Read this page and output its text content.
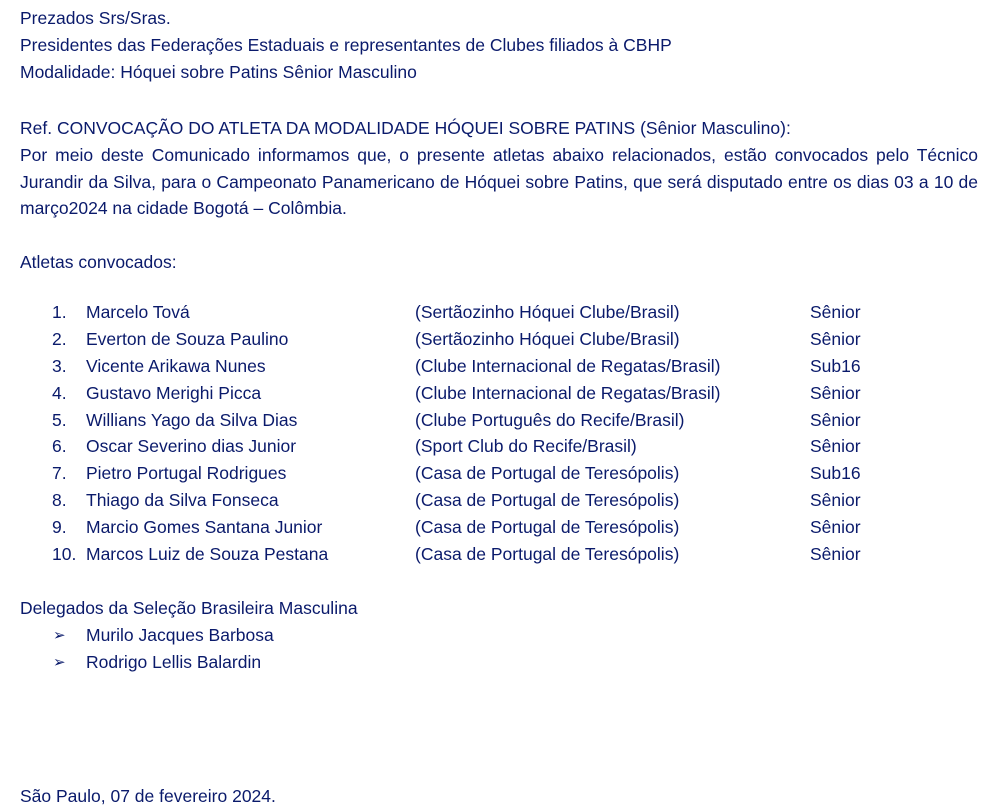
Prezados Srs/Sras.
Presidentes das Federações Estaduais e representantes de Clubes filiados à CBHP
Modalidade: Hóquei sobre Patins Sênior Masculino
Ref. CONVOCAÇÃO DO ATLETA DA MODALIDADE HÓQUEI SOBRE PATINS (Sênior Masculino):
Por meio deste Comunicado informamos que, o presente atletas abaixo relacionados, estão convocados pelo Técnico Jurandir da Silva, para o Campeonato Panamericano de Hóquei sobre Patins, que será disputado entre os dias 03 a 10 de março2024 na cidade Bogotá – Colômbia.
Atletas convocados:
1.	Marcelo Tová	(Sertãozinho Hóquei Clube/Brasil)	Sênior
2.	Everton de Souza Paulino	(Sertãozinho Hóquei Clube/Brasil)	Sênior
3.	Vicente Arikawa Nunes	(Clube Internacional de Regatas/Brasil)	Sub16
4.	Gustavo Merighi Picca	(Clube Internacional de Regatas/Brasil)	Sênior
5.	Willians Yago da Silva Dias	(Clube Português do Recife/Brasil)	Sênior
6.	Oscar Severino dias Junior	(Sport Club do Recife/Brasil)	Sênior
7.	Pietro Portugal Rodrigues	(Casa de Portugal de Teresópolis)	Sub16
8.	Thiago da Silva Fonseca	(Casa de Portugal de Teresópolis)	Sênior
9.	Marcio Gomes Santana Junior	(Casa de Portugal de Teresópolis)	Sênior
10. Marcos Luiz de Souza Pestana	(Casa de Portugal de Teresópolis)	Sênior
Delegados da Seleção Brasileira Masculina
➢ Murilo Jacques Barbosa
➢ Rodrigo Lellis Balardin
São Paulo, 07 de fevereiro 2024.
